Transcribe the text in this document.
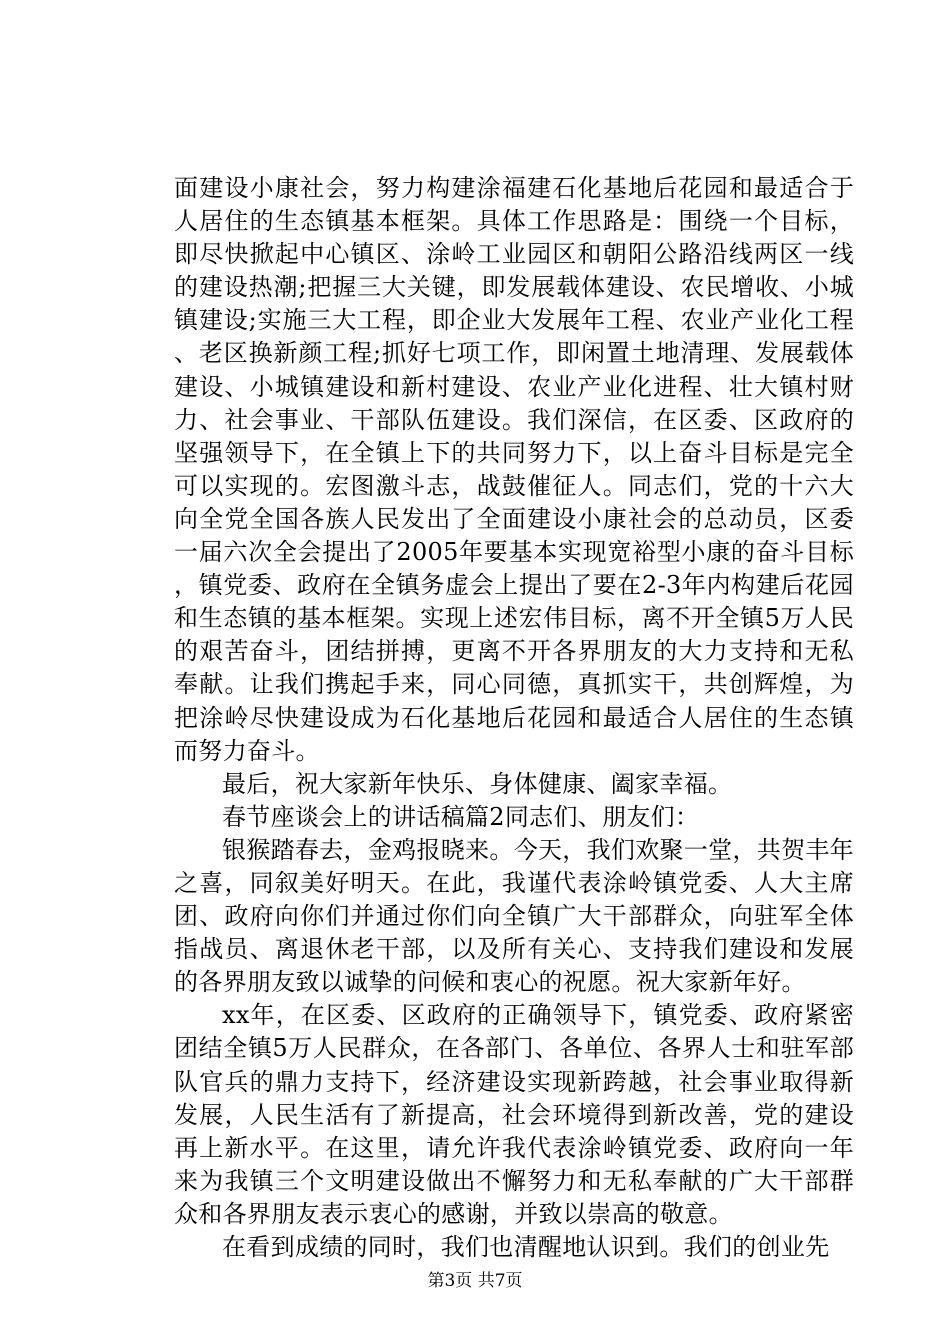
面建设小康社会，努力构建涂福建石化基地后花园和最适合于人居住的生态镇基本框架。具体工作思路是：围绕一个目标，即尽快掀起中心镇区、涂岭工业园区和朝阳公路沿线两区一线的建设热潮;把握三大关键，即发展载体建设、农民增收、小城镇建设;实施三大工程，即企业大发展年工程、农业产业化工程、老区换新颜工程;抓好七项工作，即闲置土地清理、发展载体建设、小城镇建设和新村建设、农业产业化进程、壮大镇村财力、社会事业、干部队伍建设。我们深信，在区委、区政府的坚强领导下，在全镇上下的共同努力下，以上奋斗目标是完全可以实现的。宏图激斗志，战鼓催征人。同志们，党的十六大向全党全国各族人民发出了全面建设小康社会的总动员，区委一届六次全会提出了2005年要基本实现宽裕型小康的奋斗目标，镇党委、政府在全镇务虚会上提出了要在2-3年内构建后花园和生态镇的基本框架。实现上述宏伟目标，离不开全镇5万人民的艰苦奋斗，团结拼搏，更离不开各界朋友的大力支持和无私奉献。让我们携起手来，同心同德，真抓实干，共创辉煌，为把涂岭尽快建设成为石化基地后花园和最适合人居住的生态镇而努力奋斗。

最后，祝大家新年快乐、身体健康、阖家幸福。

春节座谈会上的讲话稿篇2同志们、朋友们：

银猴踏春去，金鸡报晓来。今天，我们欢聚一堂，共贺丰年之喜，同叙美好明天。在此，我谨代表涂岭镇党委、人大主席团、政府向你们并通过你们向全镇广大干部群众，向驻军全体指战员、离退休老干部，以及所有关心、支持我们建设和发展的各界朋友致以诚挚的问候和衷心的祝愿。祝大家新年好。

xx年，在区委、区政府的正确领导下，镇党委、政府紧密团结全镇5万人民群众，在各部门、各单位、各界人士和驻军部队官兵的鼎力支持下，经济建设实现新跨越，社会事业取得新发展，人民生活有了新提高，社会环境得到新改善，党的建设再上新水平。在这里，请允许我代表涂岭镇党委、政府向一年来为我镇三个文明建设做出不懈努力和无私奉献的广大干部群众和各界朋友表示衷心的感谢，并致以崇高的敬意。

在看到成绩的同时，我们也清醒地认识到。我们的创业先

第3页 共7页
